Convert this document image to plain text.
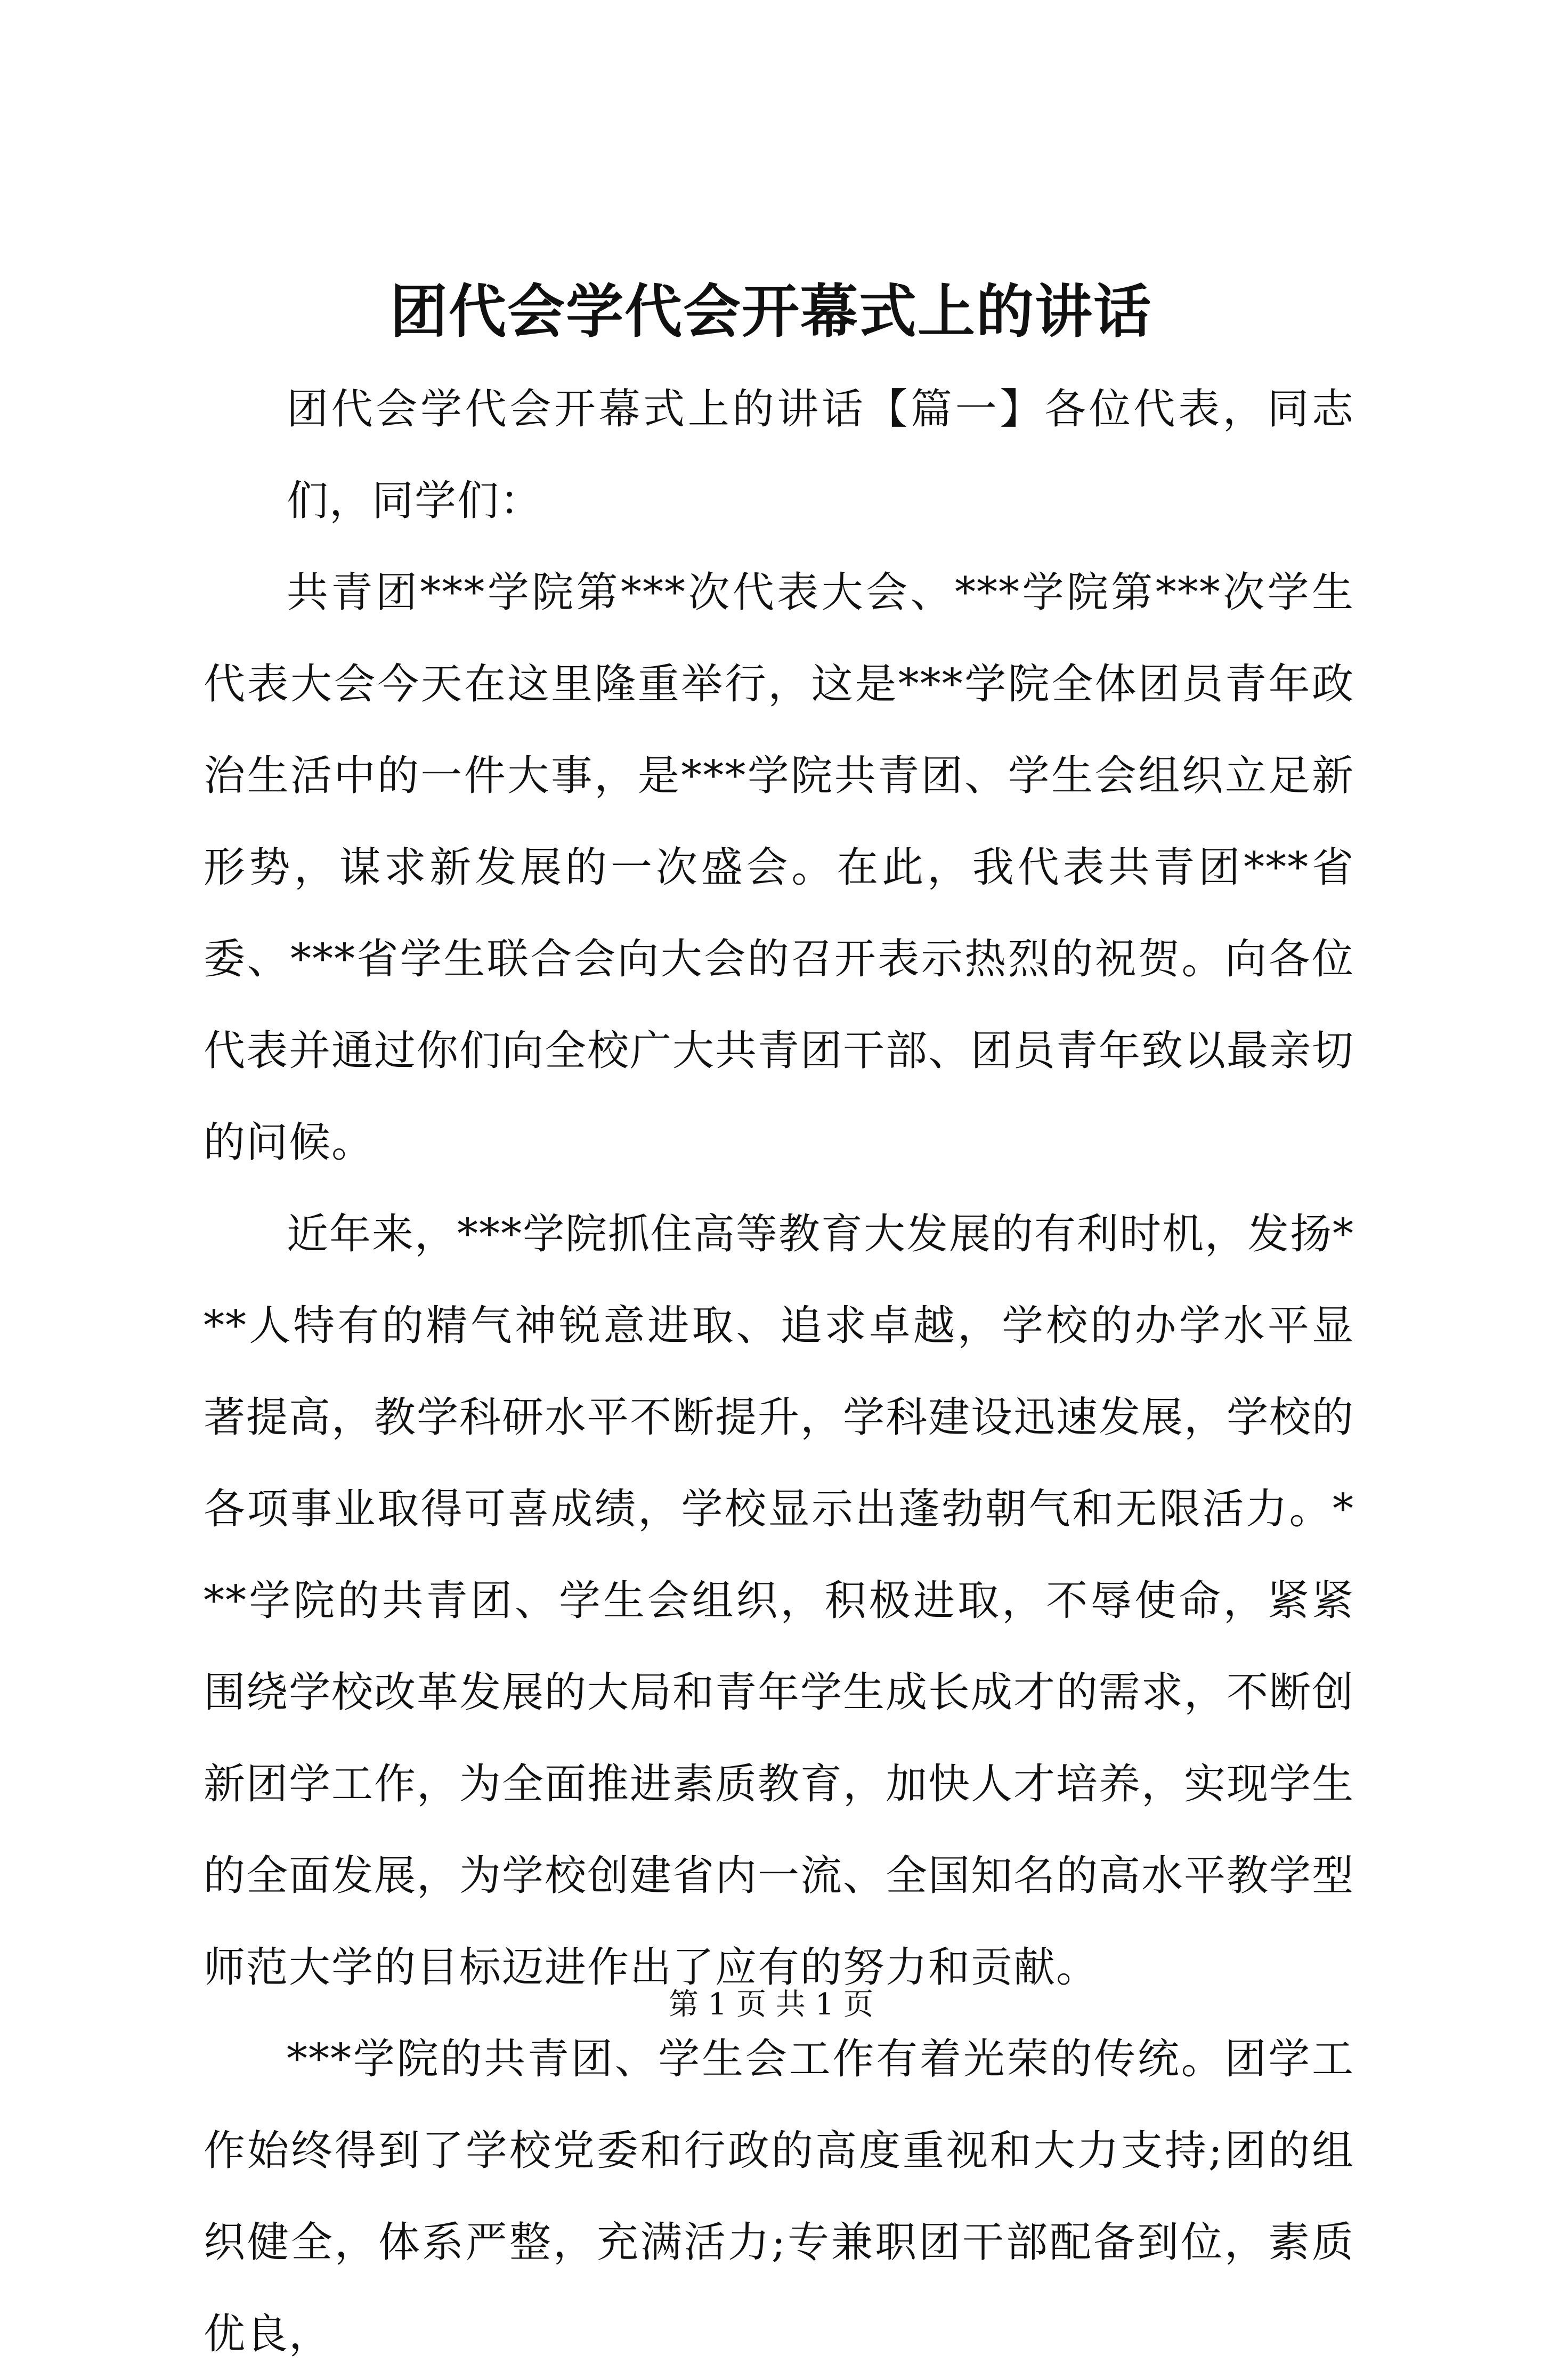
团代会学代会开幕式上的讲话

团代会学代会开幕式上的讲话【篇一】各位代表，同志们，同学们：

共青团***学院第***次代表大会、***学院第***次学生代表大会今天在这里隆重举行，这是***学院全体团员青年政治生活中的一件大事，是***学院共青团、学生会组织立足新形势，谋求新发展的一次盛会。在此，我代表共青团***省委、***省学生联合会向大会的召开表示热烈的祝贺。向各位代表并通过你们向全校广大共青团干部、团员青年致以最亲切的问候。

近年来，***学院抓住高等教育大发展的有利时机，发扬***人特有的精气神锐意进取、追求卓越，学校的办学水平显著提高，教学科研水平不断提升，学科建设迅速发展，学校的各项事业取得可喜成绩，学校显示出蓬勃朝气和无限活力。***学院的共青团、学生会组织，积极进取，不辱使命，紧紧围绕学校改革发展的大局和青年学生成长成才的需求，不断创新团学工作，为全面推进素质教育，加快人才培养，实现学生的全面发展，为学校创建省内一流、全国知名的高水平教学型师范大学的目标迈进作出了应有的努力和贡献。

***学院的共青团、学生会工作有着光荣的传统。团学工作始终得到了学校党委和行政的高度重视和大力支持;团的组织健全，体系严整，充满活力;专兼职团干部配备到位，素质优良，

第 1 页 共 1 页
